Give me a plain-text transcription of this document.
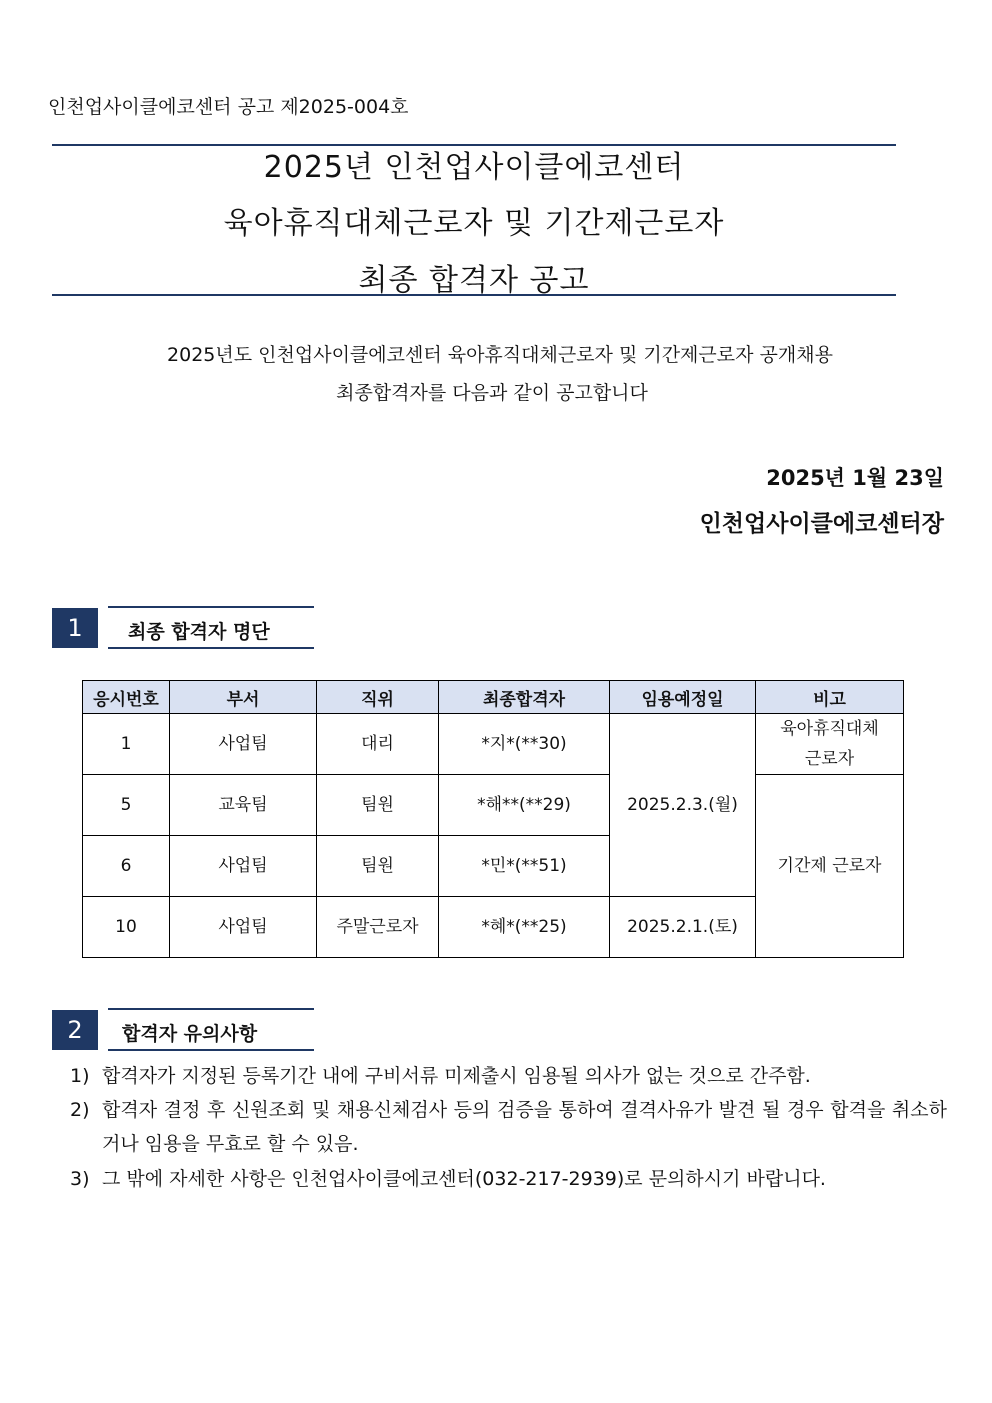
인천업사이클에코센터 공고 제2025-004호
2025년 인천업사이클에코센터
육아휴직대체근로자 및 기간제근로자
최종 합격자 공고
2025년도 인천업사이클에코센터 육아휴직대체근로자 및 기간제근로자 공개채용
최종합격자를 다음과 같이 공고합니다
2025년 1월 23일
인천업사이클에코센터장
1	최종 합격자 명단
응시번호	부서	직위	최종합격자	임용예정일	비고
1	사업팀	대리	*지*(**30)	2025.2.3.(월)	육아휴직대체
근로자

5	교육팀	팀원	*해**(**29)		기간제 근로자
6	사업팀	팀원	*민*(**51)		
10	사업팀	주말근로자	*혜*(**25)	2025.2.1.(토)	
2	합격자 유의사항
1) 합격자가 지정된 등록기간 내에 구비서류 미제출시 임용될 의사가 없는 것으로 간주함.
2) 합격자 결정 후 신원조회 및 채용신체검사 등의 검증을 통하여 결격사유가 발견 될 경우 합격을 취소하거나 임용을 무효로 할 수 있음.
3) 그 밖에 자세한 사항은 인천업사이클에코센터(032-217-2939)로 문의하시기 바랍니다.
